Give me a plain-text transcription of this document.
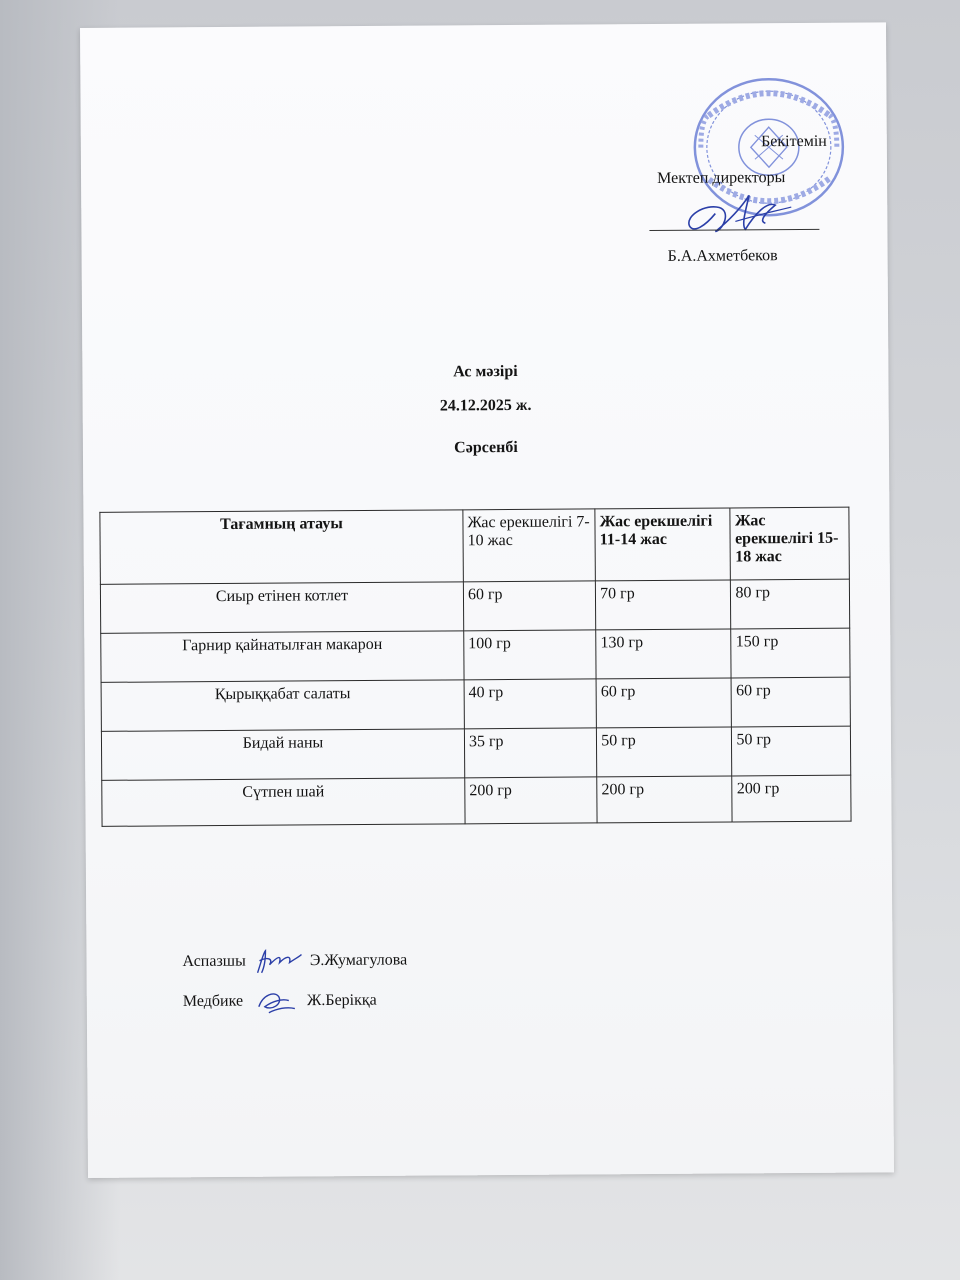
Бекітемін
Мектеп директоры
Б.А.Ахметбеков
Ас мәзірі
24.12.2025 ж.
Сәрсенбі
Тағамның атауы	Жас ерекшелігі 7-10 жас	Жас ерекшелігі 11-14 жас	Жас ерекшелігі 15-18 жас
Сиыр етінен котлет	60 гр	70 гр	80 гр
Гарнир қайнатылған макарон	100 гр	130 гр	150 гр
Қырыққабат салаты	40 гр	60 гр	60 гр
Бидай наны	35 гр	50 гр	50 гр
Сүтпен шай	200 гр	200 гр	200 гр
Аспазшы	Э.Жумагулова
Медбике	Ж.Берікқа
